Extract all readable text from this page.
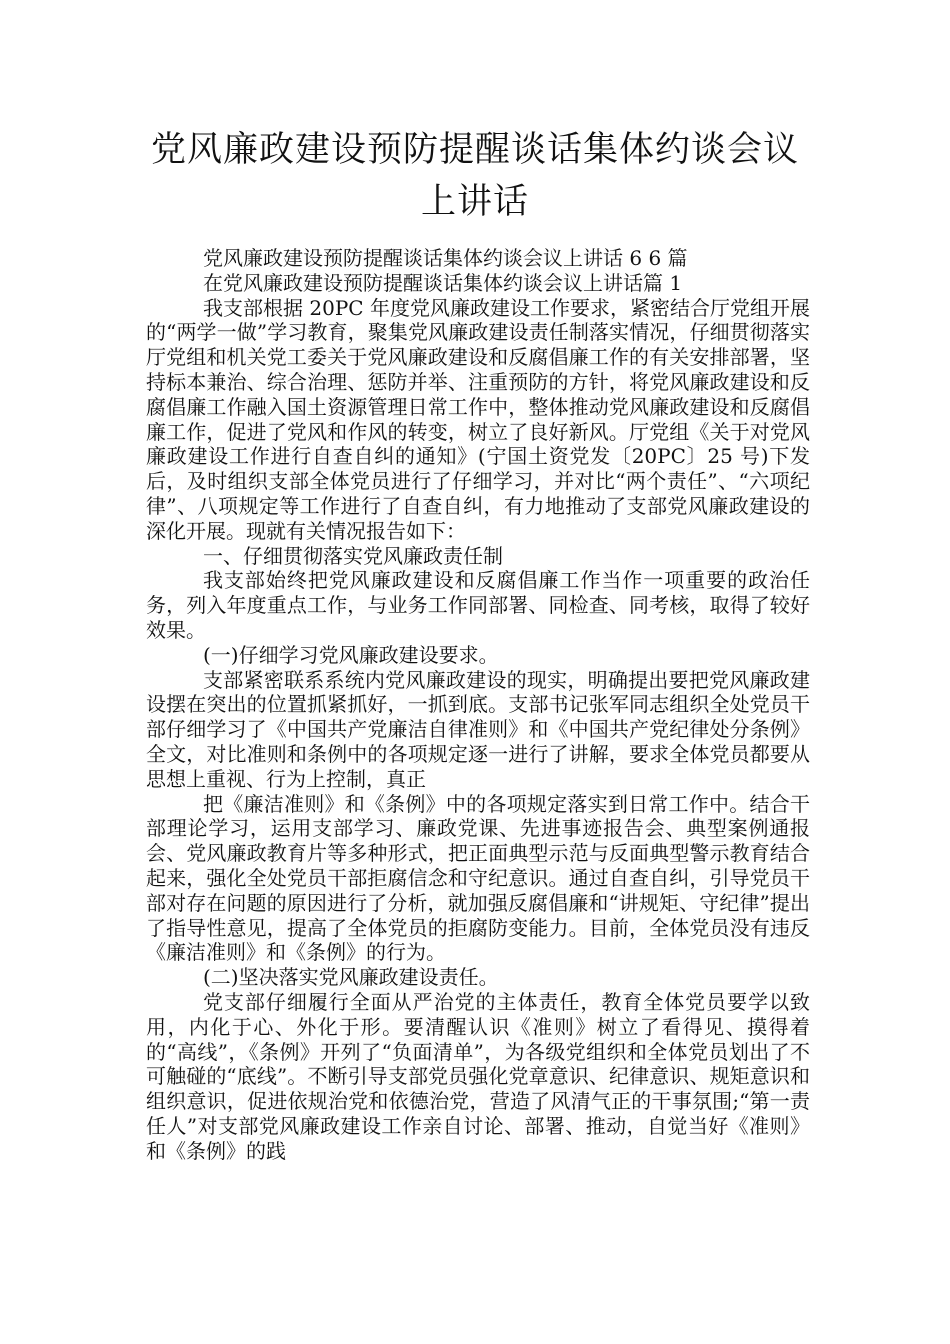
党风廉政建设预防提醒谈话集体约谈会议
上讲话

党风廉政建设预防提醒谈话集体约谈会议上讲话 6 6 篇

在党风廉政建设预防提醒谈话集体约谈会议上讲话篇 1

我支部根据 20PC 年度党风廉政建设工作要求，紧密结合厅党组开展的“两学一做”学习教育，聚集党风廉政建设责任制落实情况，仔细贯彻落实厅党组和机关党工委关于党风廉政建设和反腐倡廉工作的有关安排部署，坚持标本兼治、综合治理、惩防并举、注重预防的方针，将党风廉政建设和反腐倡廉工作融入国土资源管理日常工作中，整体推动党风廉政建设和反腐倡廉工作，促进了党风和作风的转变，树立了良好新风。厅党组《关于对党风廉政建设工作进行自查自纠的通知》(宁国土资党发〔20PC〕25 号)下发后，及时组织支部全体党员进行了仔细学习，并对比“两个责任”、“六项纪律”、八项规定等工作进行了自查自纠，有力地推动了支部党风廉政建设的深化开展。现就有关情况报告如下：

一、仔细贯彻落实党风廉政责任制

我支部始终把党风廉政建设和反腐倡廉工作当作一项重要的政治任务，列入年度重点工作，与业务工作同部署、同检查、同考核，取得了较好效果。

(一)仔细学习党风廉政建设要求。

支部紧密联系系统内党风廉政建设的现实，明确提出要把党风廉政建设摆在突出的位置抓紧抓好，一抓到底。支部书记张军同志组织全处党员干部仔细学习了《中国共产党廉洁自律准则》和《中国共产党纪律处分条例》全文，对比准则和条例中的各项规定逐一进行了讲解，要求全体党员都要从思想上重视、行为上控制，真正

把《廉洁准则》和《条例》中的各项规定落实到日常工作中。结合干部理论学习，运用支部学习、廉政党课、先进事迹报告会、典型案例通报会、党风廉政教育片等多种形式，把正面典型示范与反面典型警示教育结合起来，强化全处党员干部拒腐信念和守纪意识。通过自查自纠，引导党员干部对存在问题的原因进行了分析，就加强反腐倡廉和“讲规矩、守纪律”提出了指导性意见，提高了全体党员的拒腐防变能力。目前，全体党员没有违反《廉洁准则》和《条例》的行为。

(二)坚决落实党风廉政建设责任。

党支部仔细履行全面从严治党的主体责任，教育全体党员要学以致用，内化于心、外化于形。要清醒认识《准则》树立了看得见、摸得着的“高线”，《条例》开列了“负面清单”，为各级党组织和全体党员划出了不可触碰的“底线”。不断引导支部党员强化党章意识、纪律意识、规矩意识和组织意识，促进依规治党和依德治党，营造了风清气正的干事氛围;“第一责任人”对支部党风廉政建设工作亲自讨论、部署、推动，自觉当好《准则》和《条例》的践
